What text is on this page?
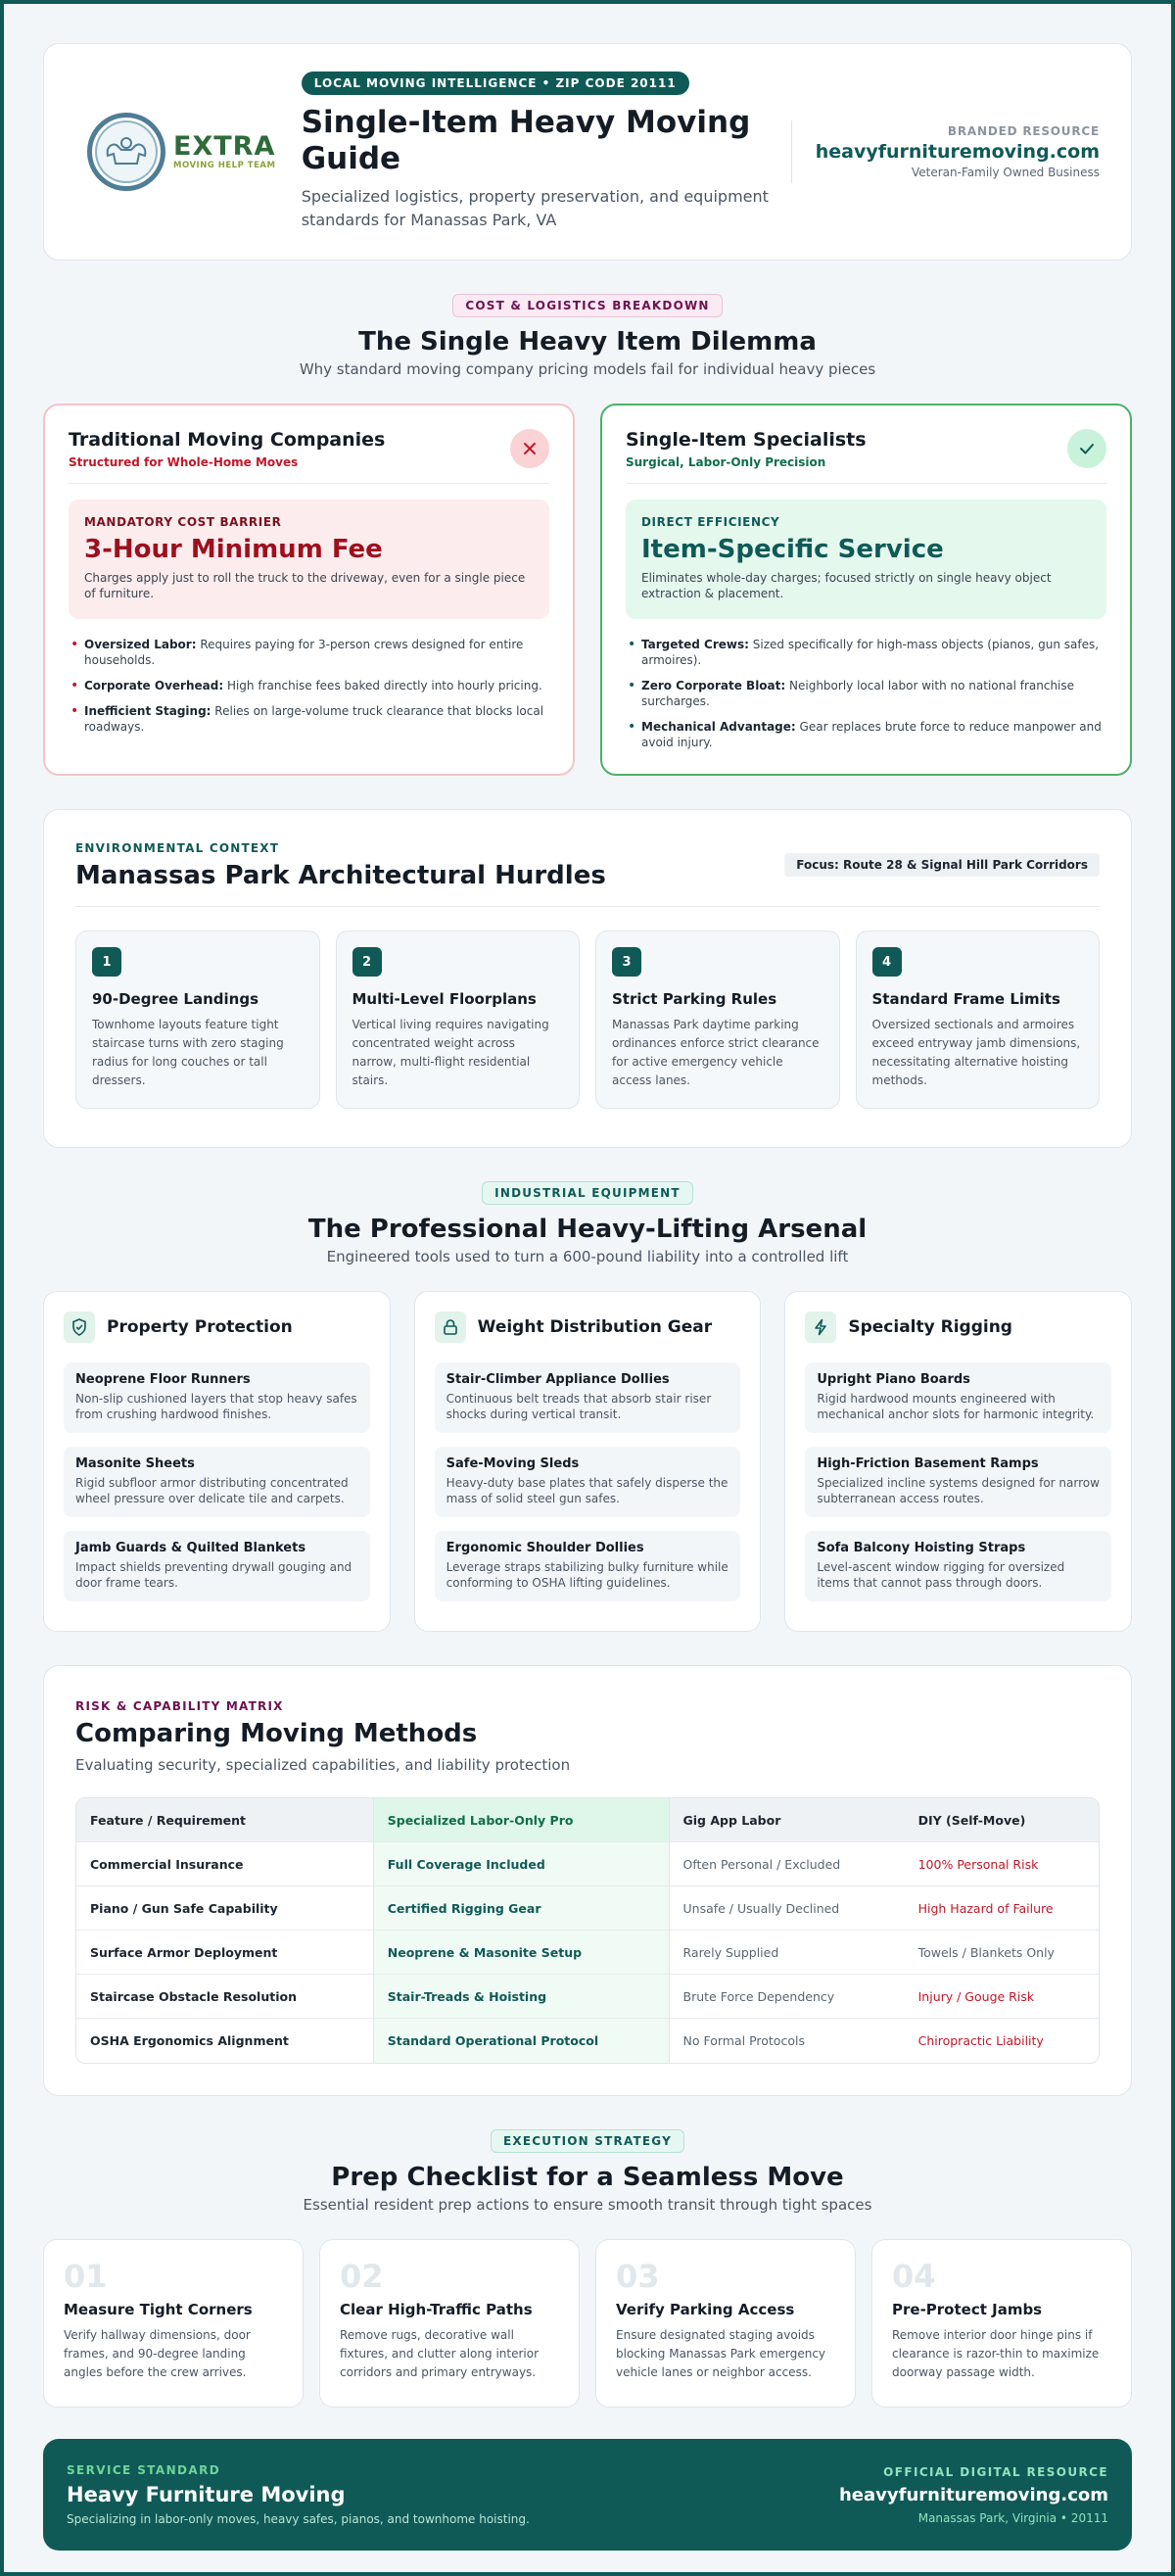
EXTRA
MOVING HELP TEAM
LOCAL MOVING INTELLIGENCE • ZIP CODE 20111
Single-Item Heavy Moving Guide

Specialized logistics, property preservation, and equipment standards for Manassas Park, VA

BRANDED RESOURCE
heavyfurnituremoving.com
Veteran-Family Owned Business
COST & LOGISTICS BREAKDOWN
The Single Heavy Item Dilemma

Why standard moving company pricing models fail for individual heavy pieces

Traditional Moving Companies
Structured for Whole-Home Moves
MANDATORY COST BARRIER
3-Hour Minimum Fee
Charges apply just to roll the truck to the driveway, even for a single piece of furniture.
• Oversized Labor: Requires paying for 3-person crews designed for entire households.
• Corporate Overhead: High franchise fees baked directly into hourly pricing.
• Inefficient Staging: Relies on large-volume truck clearance that blocks local roadways.
Single-Item Specialists
Surgical, Labor-Only Precision
DIRECT EFFICIENCY
Item-Specific Service
Eliminates whole-day charges; focused strictly on single heavy object extraction & placement.
• Targeted Crews: Sized specifically for high-mass objects (pianos, gun safes, armoires).
• Zero Corporate Bloat: Neighborly local labor with no national franchise surcharges.
• Mechanical Advantage: Gear replaces brute force to reduce manpower and avoid injury.
ENVIRONMENTAL CONTEXT
Manassas Park Architectural Hurdles	Focus: Route 28 & Signal Hill Park Corridors
1
90-Degree Landings
Townhome layouts feature tight staircase turns with zero staging radius for long couches or tall dressers.
2
Multi-Level Floorplans
Vertical living requires navigating concentrated weight across narrow, multi-flight residential stairs.
3
Strict Parking Rules
Manassas Park daytime parking ordinances enforce strict clearance for active emergency vehicle access lanes.
4
Standard Frame Limits
Oversized sectionals and armoires exceed entryway jamb dimensions, necessitating alternative hoisting methods.
INDUSTRIAL EQUIPMENT
The Professional Heavy-Lifting Arsenal

Engineered tools used to turn a 600-pound liability into a controlled lift

Property Protection
Neoprene Floor Runners
Non-slip cushioned layers that stop heavy safes from crushing hardwood finishes.
Masonite Sheets
Rigid subfloor armor distributing concentrated wheel pressure over delicate tile and carpets.
Jamb Guards & Quilted Blankets
Impact shields preventing drywall gouging and door frame tears.
Weight Distribution Gear
Stair-Climber Appliance Dollies
Continuous belt treads that absorb stair riser shocks during vertical transit.
Safe-Moving Sleds
Heavy-duty base plates that safely disperse the mass of solid steel gun safes.
Ergonomic Shoulder Dollies
Leverage straps stabilizing bulky furniture while conforming to OSHA lifting guidelines.
Specialty Rigging
Upright Piano Boards
Rigid hardwood mounts engineered with mechanical anchor slots for harmonic integrity.
High-Friction Basement Ramps
Specialized incline systems designed for narrow subterranean access routes.
Sofa Balcony Hoisting Straps
Level-ascent window rigging for oversized items that cannot pass through doors.
RISK & CAPABILITY MATRIX
Comparing Moving Methods

Evaluating security, specialized capabilities, and liability protection

Feature / Requirement	Specialized Labor-Only Pro	Gig App Labor	DIY (Self-Move)
Commercial Insurance	Full Coverage Included	Often Personal / Excluded	100% Personal Risk
Piano / Gun Safe Capability	Certified Rigging Gear	Unsafe / Usually Declined	High Hazard of Failure
Surface Armor Deployment	Neoprene & Masonite Setup	Rarely Supplied	Towels / Blankets Only
Staircase Obstacle Resolution	Stair-Treads & Hoisting	Brute Force Dependency	Injury / Gouge Risk
OSHA Ergonomics Alignment	Standard Operational Protocol	No Formal Protocols	Chiropractic Liability
EXECUTION STRATEGY
Prep Checklist for a Seamless Move

Essential resident prep actions to ensure smooth transit through tight spaces

01
Measure Tight Corners
Verify hallway dimensions, door frames, and 90-degree landing angles before the crew arrives.
02
Clear High-Traffic Paths
Remove rugs, decorative wall fixtures, and clutter along interior corridors and primary entryways.
03
Verify Parking Access
Ensure designated staging avoids blocking Manassas Park emergency vehicle lanes or neighbor access.
04
Pre-Protect Jambs
Remove interior door hinge pins if clearance is razor-thin to maximize doorway passage width.
SERVICE STANDARD
Heavy Furniture Moving
Specializing in labor-only moves, heavy safes, pianos, and townhome hoisting.
OFFICIAL DIGITAL RESOURCE
heavyfurnituremoving.com
Manassas Park, Virginia • 20111
